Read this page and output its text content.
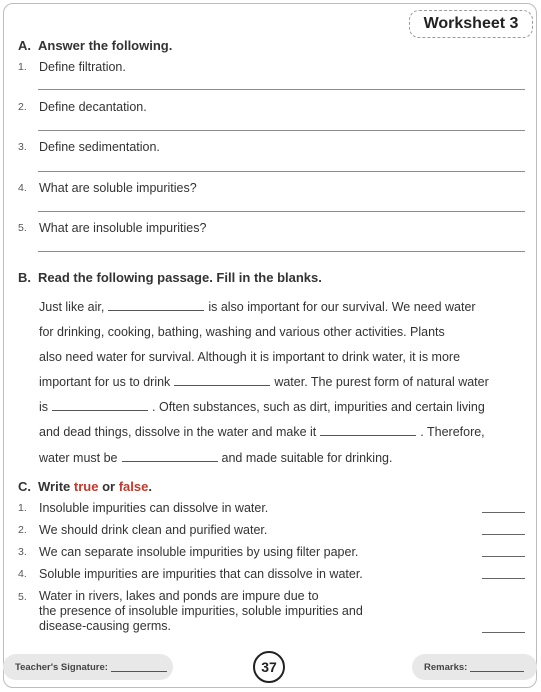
Worksheet 3
A. Answer the following.
1. Define filtration.
2. Define decantation.
3. Define sedimentation.
4. What are soluble impurities?
5. What are insoluble impurities?
B. Read the following passage. Fill in the blanks.
Just like air,	is also important for our survival. We need water
for drinking, cooking, bathing, washing and various other activities. Plants
also need water for survival. Although it is important to drink water, it is more
important for us to drink	water. The purest form of natural water
is	. Often substances, such as dirt, impurities and certain living
and dead things, dissolve in the water and make it	. Therefore,
water must be	and made suitable for drinking.
C. Write true or false.
1. Insoluble impurities can dissolve in water.
2. We should drink clean and purified water.
3. We can separate insoluble impurities by using filter paper.
4. Soluble impurities are impurities that can dissolve in water.
5. Water in rivers, lakes and ponds are impure due to
the presence of insoluble impurities, soluble impurities and
disease-causing germs.
Teacher's Signature:	37	Remarks:
